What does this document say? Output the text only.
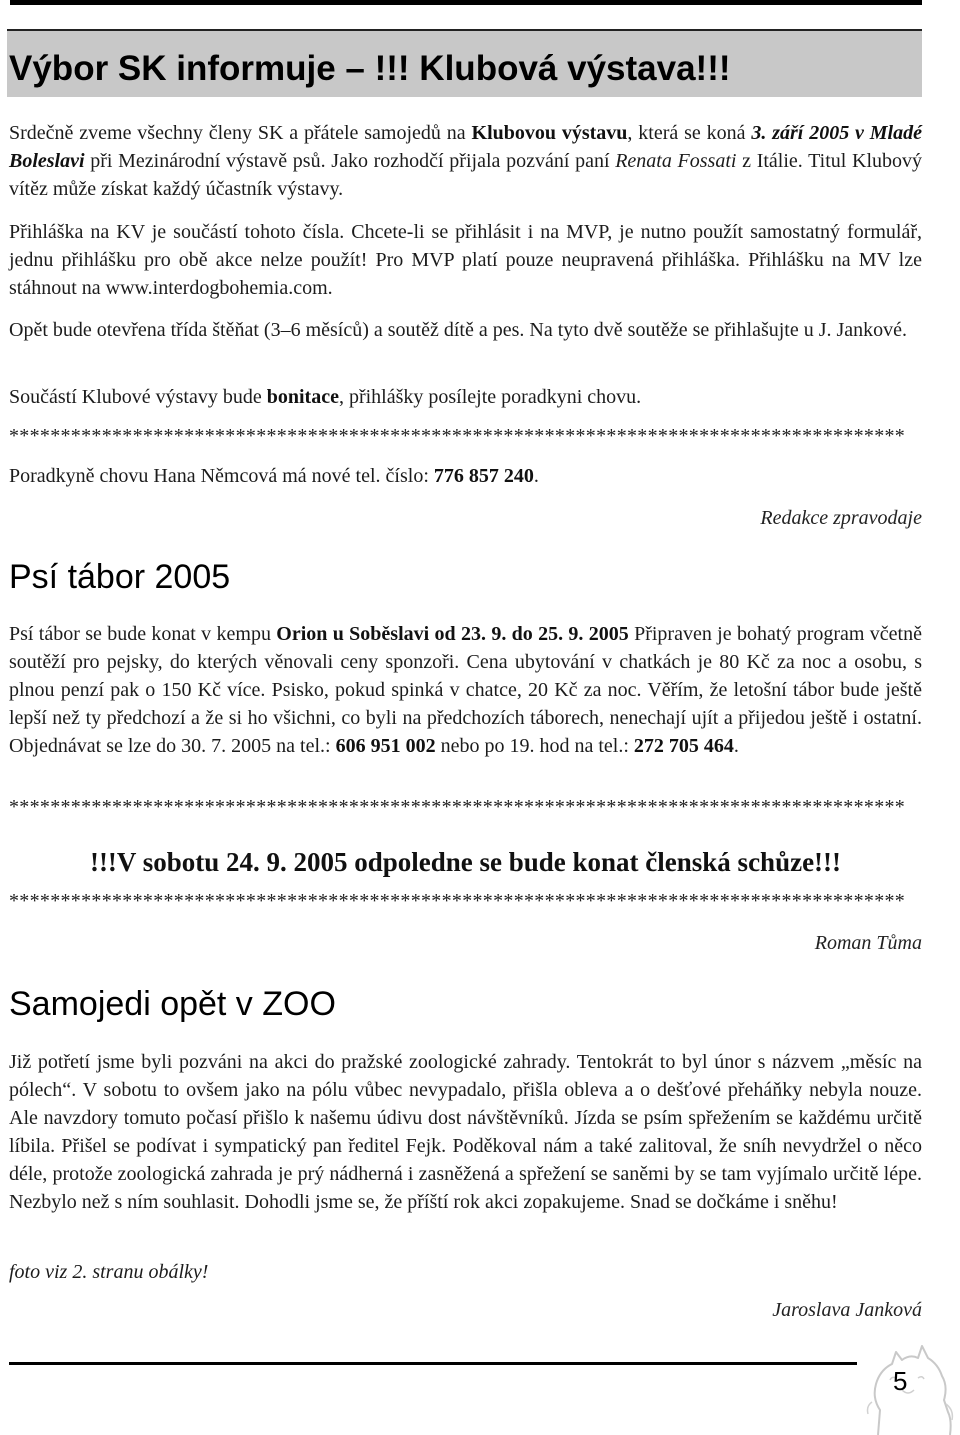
Výbor SK informuje – !!! Klubová výstava!!!

Srdečně zveme všechny členy SK a přátele samojedů na Klubovou výstavu, která se koná 3. září 2005 v Mladé Boleslavi při Mezinárodní výstavě psů. Jako rozhodčí přijala pozvání paní Renata Fossati z Itálie. Titul Klubový vítěz může získat každý účastník výstavy.

Přihláška na KV je součástí tohoto čísla. Chcete-li se přihlásit i na MVP, je nutno použít samostatný formulář, jednu přihlášku pro obě akce nelze použít! Pro MVP platí pouze neupravená přihláška. Přihlášku na MV lze stáhnout na www.interdogbohemia.com.

Opět bude otevřena třída štěňat (3–6 měsíců) a soutěž dítě a pes. Na tyto dvě soutěže se přihlašujte u J. Jankové.

Součástí Klubové výstavy bude bonitace, přihlášky posílejte poradkyni chovu.

***************************************************************************************

Poradkyně chovu Hana Němcová má nové tel. číslo: 776 857 240.

Redakce zpravodaje

Psí tábor 2005

Psí tábor se bude konat v kempu Orion u Soběslavi od 23. 9. do 25. 9. 2005 Připraven je bohatý program včetně soutěží pro pejsky, do kterých věnovali ceny sponzoři. Cena ubytování v chatkách je 80 Kč za noc a osobu, s plnou penzí pak o 150 Kč více. Psisko, pokud spinká v chatce, 20 Kč za noc. Věřím, že letošní tábor bude ještě lepší než ty předchozí a že si ho všichni, co byli na předchozích táborech, nenechají ujít a přijedou ještě i ostatní. Objednávat se lze do 30. 7. 2005 na tel.: 606 951 002 nebo po 19. hod na tel.: 272 705 464.

***************************************************************************************
!!!V sobotu 24. 9. 2005 odpoledne se bude konat členská schůze!!!
***************************************************************************************

Roman Tůma

Samojedi opět v ZOO

Již potřetí jsme byli pozváni na akci do pražské zoologické zahrady. Tentokrát to byl únor s názvem „měsíc na pólech“. V sobotu to ovšem jako na pólu vůbec nevypadalo, přišla obleva a o dešťové přeháňky nebyla nouze. Ale navzdory tomuto počasí přišlo k našemu údivu dost návštěvníků. Jízda se psím spřežením se každému určitě líbila. Přišel se podívat i sympatický pan ředitel Fejk. Poděkoval nám a také zalitoval, že sníh nevydržel o něco déle, protože zoologická zahrada je prý nádherná i zasněžená a spřežení se saněmi by se tam vyjímalo určitě lépe. Nezbylo než s ním souhlasit. Dohodli jsme se, že příští rok akci zopakujeme. Snad se dočkáme i sněhu!

foto viz 2. stranu obálky!

Jaroslava Janková

5
